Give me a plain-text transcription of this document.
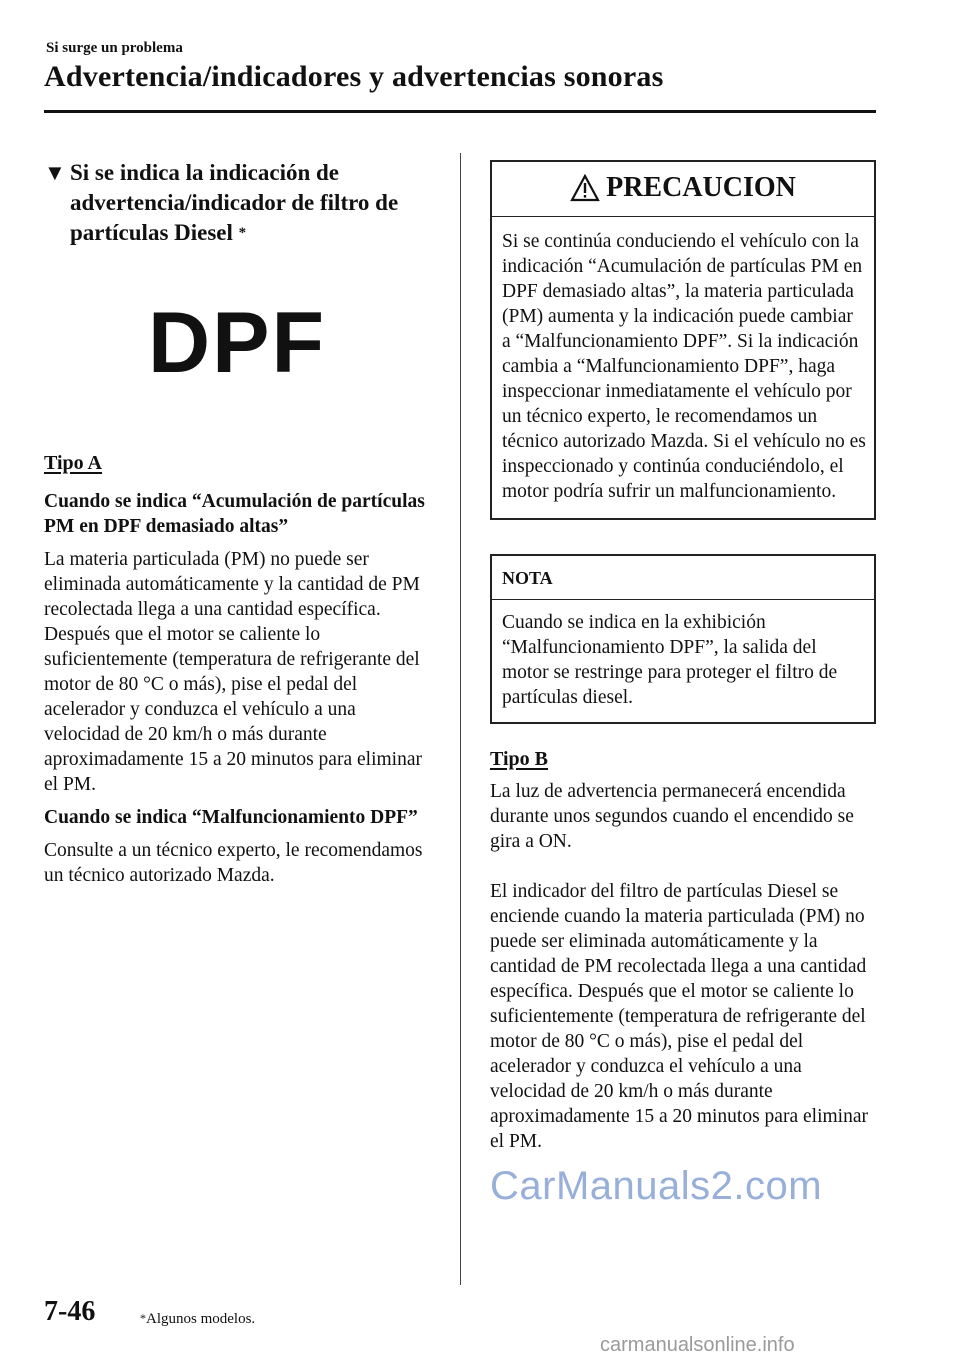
Si surge un problema
Advertencia/indicadores y advertencias sonoras
▼ Si se indica la indicación de advertencia/indicador de filtro de partículas Diesel *
DPF
Tipo A
Cuando se indica “Acumulación de partículas PM en DPF demasiado altas”
La materia particulada (PM) no puede ser eliminada automáticamente y la cantidad de PM recolectada llega a una cantidad específica.
Después que el motor se caliente lo suficientemente (temperatura de refrigerante del motor de 80 °C o más), pise el pedal del acelerador y conduzca el vehículo a una velocidad de 20 km/h o más durante aproximadamente 15 a 20 minutos para eliminar el PM.
Cuando se indica “Malfuncionamiento DPF”
Consulte a un técnico experto, le recomendamos un técnico autorizado Mazda.
PRECAUCION
Si se continúa conduciendo el vehículo con la indicación “Acumulación de partículas PM en DPF demasiado altas”, la materia particulada (PM) aumenta y la indicación puede cambiar a “Malfuncionamiento DPF”. Si la indicación cambia a “Malfuncionamiento DPF”, haga inspeccionar inmediatamente el vehículo por un técnico experto, le recomendamos un técnico autorizado Mazda. Si el vehículo no es inspeccionado y continúa conduciéndolo, el motor podría sufrir un malfuncionamiento.
NOTA
Cuando se indica en la exhibición “Malfuncionamiento DPF”, la salida del motor se restringe para proteger el filtro de partículas diesel.
Tipo B
La luz de advertencia permanecerá encendida durante unos segundos cuando el encendido se gira a ON.
El indicador del filtro de partículas Diesel se enciende cuando la materia particulada (PM) no puede ser eliminada automáticamente y la cantidad de PM recolectada llega a una cantidad específica. Después que el motor se caliente lo suficientemente (temperatura de refrigerante del motor de 80 °C o más), pise el pedal del acelerador y conduzca el vehículo a una velocidad de 20 km/h o más durante aproximadamente 15 a 20 minutos para eliminar el PM.
CarManuals2.com
7-46	*Algunos modelos.
carmanualsonline.info
